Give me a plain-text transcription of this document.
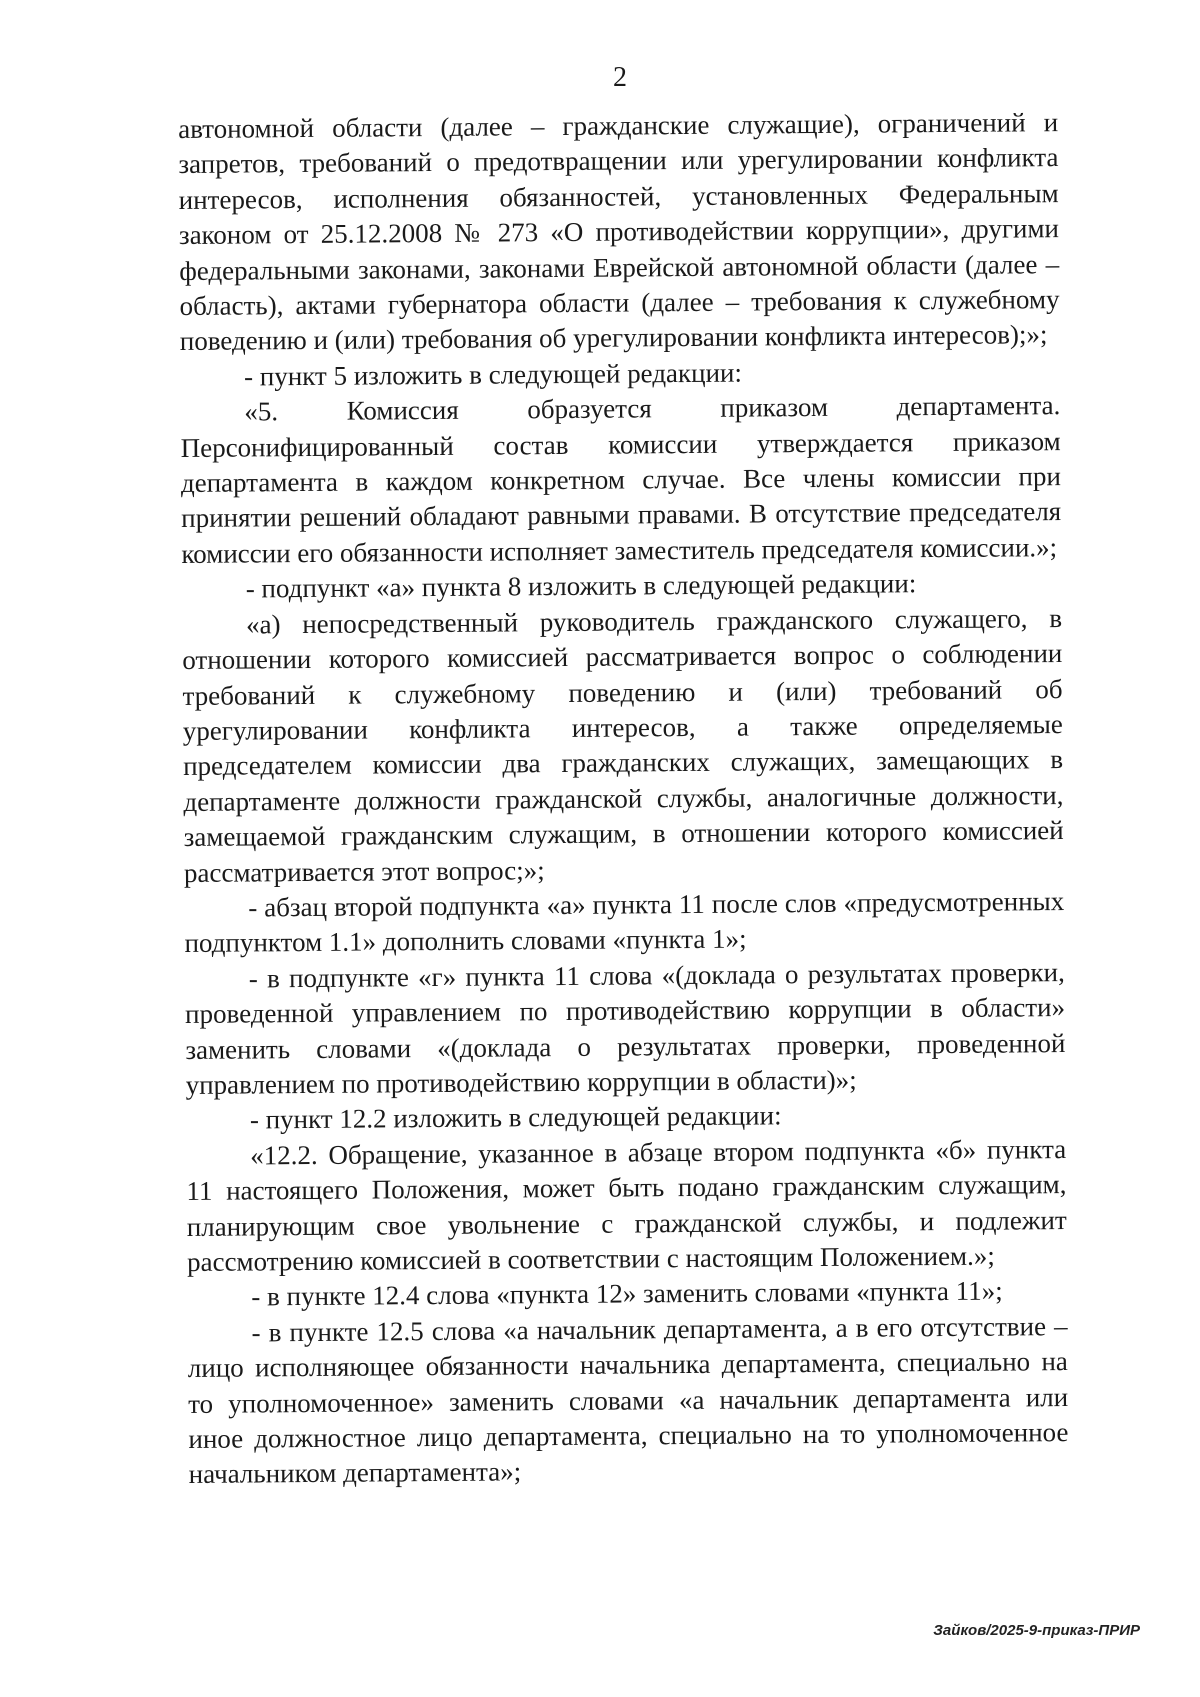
2

автономной области (далее – гражданские служащие), ограничений и запретов, требований о предотвращении или урегулировании конфликта интересов, исполнения обязанностей, установленных Федеральным законом от 25.12.2008 № 273 «О противодействии коррупции», другими федеральными законами, законами Еврейской автономной области (далее – область), актами губернатора области (далее – требования к служебному поведению и (или) требования об урегулировании конфликта интересов);»;

- пункт 5 изложить в следующей редакции:

«5. Комиссия образуется приказом департамента. Персонифицированный состав комиссии утверждается приказом департамента в каждом конкретном случае. Все члены комиссии при принятии решений обладают равными правами. В отсутствие председателя комиссии его обязанности исполняет заместитель председателя комиссии.»;

- подпункт «а» пункта 8 изложить в следующей редакции:

«а) непосредственный руководитель гражданского служащего, в отношении которого комиссией рассматривается вопрос о соблюдении требований к служебному поведению и (или) требований об урегулировании конфликта интересов, а также определяемые председателем комиссии два гражданских служащих, замещающих в департаменте должности гражданской службы, аналогичные должности, замещаемой гражданским служащим, в отношении которого комиссией рассматривается этот вопрос;»;

- абзац второй подпункта «а» пункта 11 после слов «предусмотренных подпунктом 1.1» дополнить словами «пункта 1»;

- в подпункте «г» пункта 11 слова «(доклада о результатах проверки, проведенной управлением по противодействию коррупции в области» заменить словами «(доклада о результатах проверки, проведенной управлением по противодействию коррупции в области)»;

- пункт 12.2 изложить в следующей редакции:

«12.2. Обращение, указанное в абзаце втором подпункта «б» пункта 11 настоящего Положения, может быть подано гражданским служащим, планирующим свое увольнение с гражданской службы, и подлежит рассмотрению комиссией в соответствии с настоящим Положением.»;

- в пункте 12.4 слова «пункта 12» заменить словами «пункта 11»;

- в пункте 12.5 слова «а начальник департамента, а в его отсутствие – лицо исполняющее обязанности начальника департамента, специально на то уполномоченное» заменить словами «а начальник департамента или иное должностное лицо департамента, специально на то уполномоченное начальником департамента»;

Зайков/2025-9-приказ-ПРИР
